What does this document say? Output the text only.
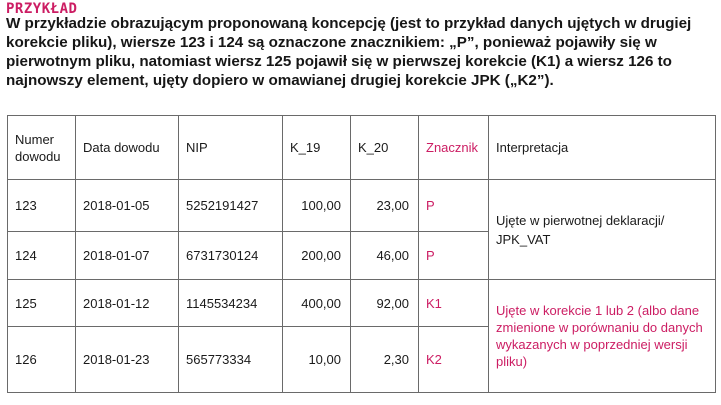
PRZYKŁAD
W przykładzie obrazującym proponowaną koncepcję (jest to przykład danych ujętych w drugiej korekcie pliku), wiersze 123 i 124 są oznaczone znacznikiem: „P”, ponieważ pojawiły się w pierwotnym pliku, natomiast wiersz 125 pojawił się w pierwszej korekcie (K1) a wiersz 126 to najnowszy element, ujęty dopiero w omawianej drugiej korekcie JPK („K2”).
Numer dowodu	Data dowodu	NIP	K_19	K_20	Znacznik	Interpretacja
123	2018-01-05	5252191427	100,00	23,00	P	Ujęte w pierwotnej deklaracji/ JPK_VAT
124	2018-01-07	6731730124	200,00	46,00	P	
125	2018-01-12	1145534234	400,00	92,00	K1	Ujęte w korekcie 1 lub 2 (albo dane zmienione w porównaniu do danych wykazanych w poprzedniej wersji pliku)
126	2018-01-23	565773334	10,00	2,30	K2	
